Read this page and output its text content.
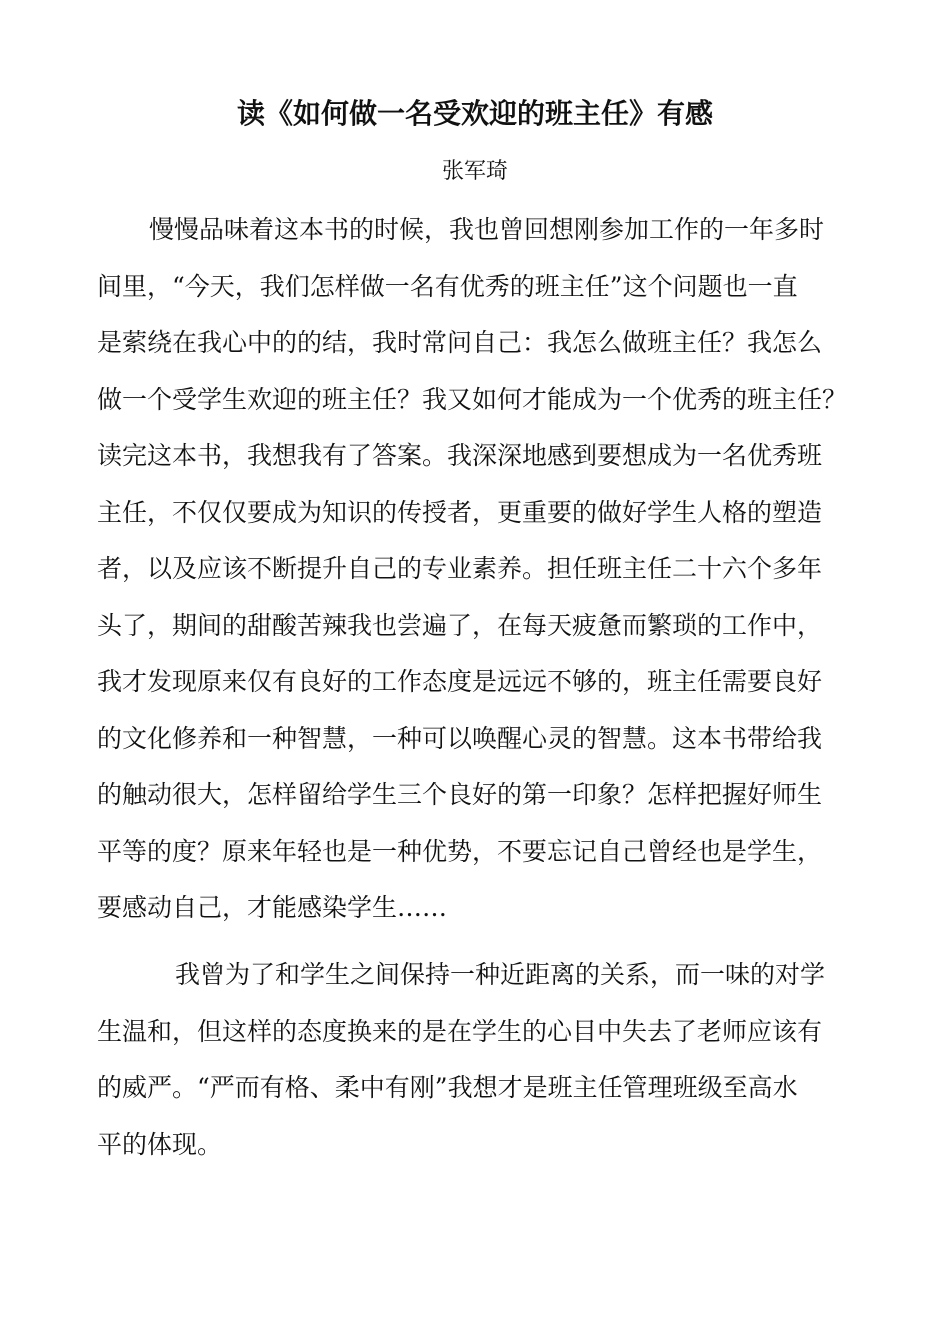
读《如何做一名受欢迎的班主任》有感
张军琦
慢慢品味着这本书的时候，我也曾回想刚参加工作的一年多时
间里，“今天，我们怎样做一名有优秀的班主任”这个问题也一直
是萦绕在我心中的的结，我时常问自己：我怎么做班主任？我怎么
做一个受学生欢迎的班主任？我又如何才能成为一个优秀的班主任？
读完这本书，我想我有了答案。我深深地感到要想成为一名优秀班
主任，不仅仅要成为知识的传授者，更重要的做好学生人格的塑造
者，以及应该不断提升自己的专业素养。担任班主任二十六个多年
头了，期间的甜酸苦辣我也尝遍了，在每天疲惫而繁琐的工作中，
我才发现原来仅有良好的工作态度是远远不够的，班主任需要良好
的文化修养和一种智慧，一种可以唤醒心灵的智慧。这本书带给我
的触动很大，怎样留给学生三个良好的第一印象？怎样把握好师生
平等的度？原来年轻也是一种优势，不要忘记自己曾经也是学生，
要感动自己，才能感染学生……
我曾为了和学生之间保持一种近距离的关系，而一味的对学
生温和，但这样的态度换来的是在学生的心目中失去了老师应该有
的威严。“严而有格、柔中有刚”我想才是班主任管理班级至高水
平的体现。
